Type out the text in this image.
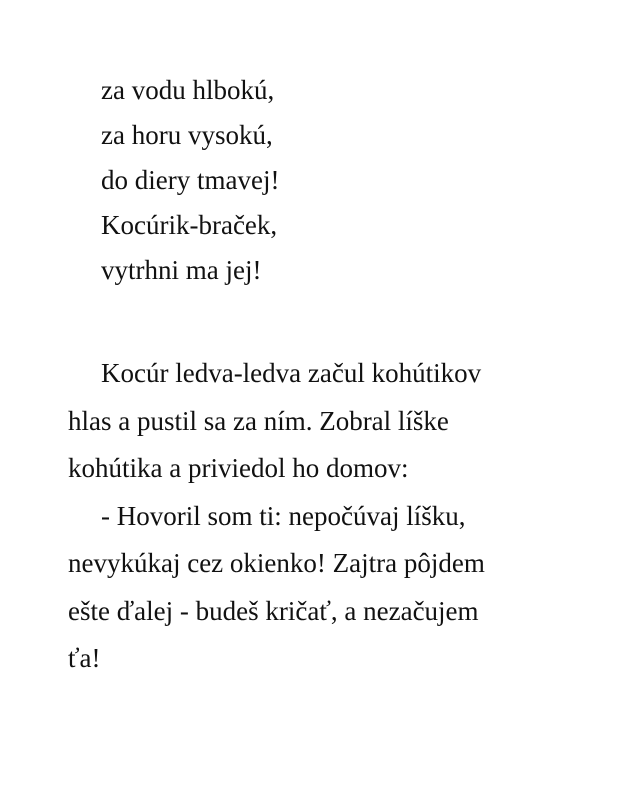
za vodu hlbokú,
za horu vysokú,
do diery tmavej!
Kocúrik-braček,
vytrhni ma jej!
Kocúr ledva-ledva začul kohútikov
hlas a pustil sa za ním. Zobral líške
kohútika a priviedol ho domov:
- Hovoril som ti: nepočúvaj líšku,
nevykúkaj cez okienko! Zajtra pôjdem
ešte ďalej - budeš kričať, a nezačujem
ťa!
